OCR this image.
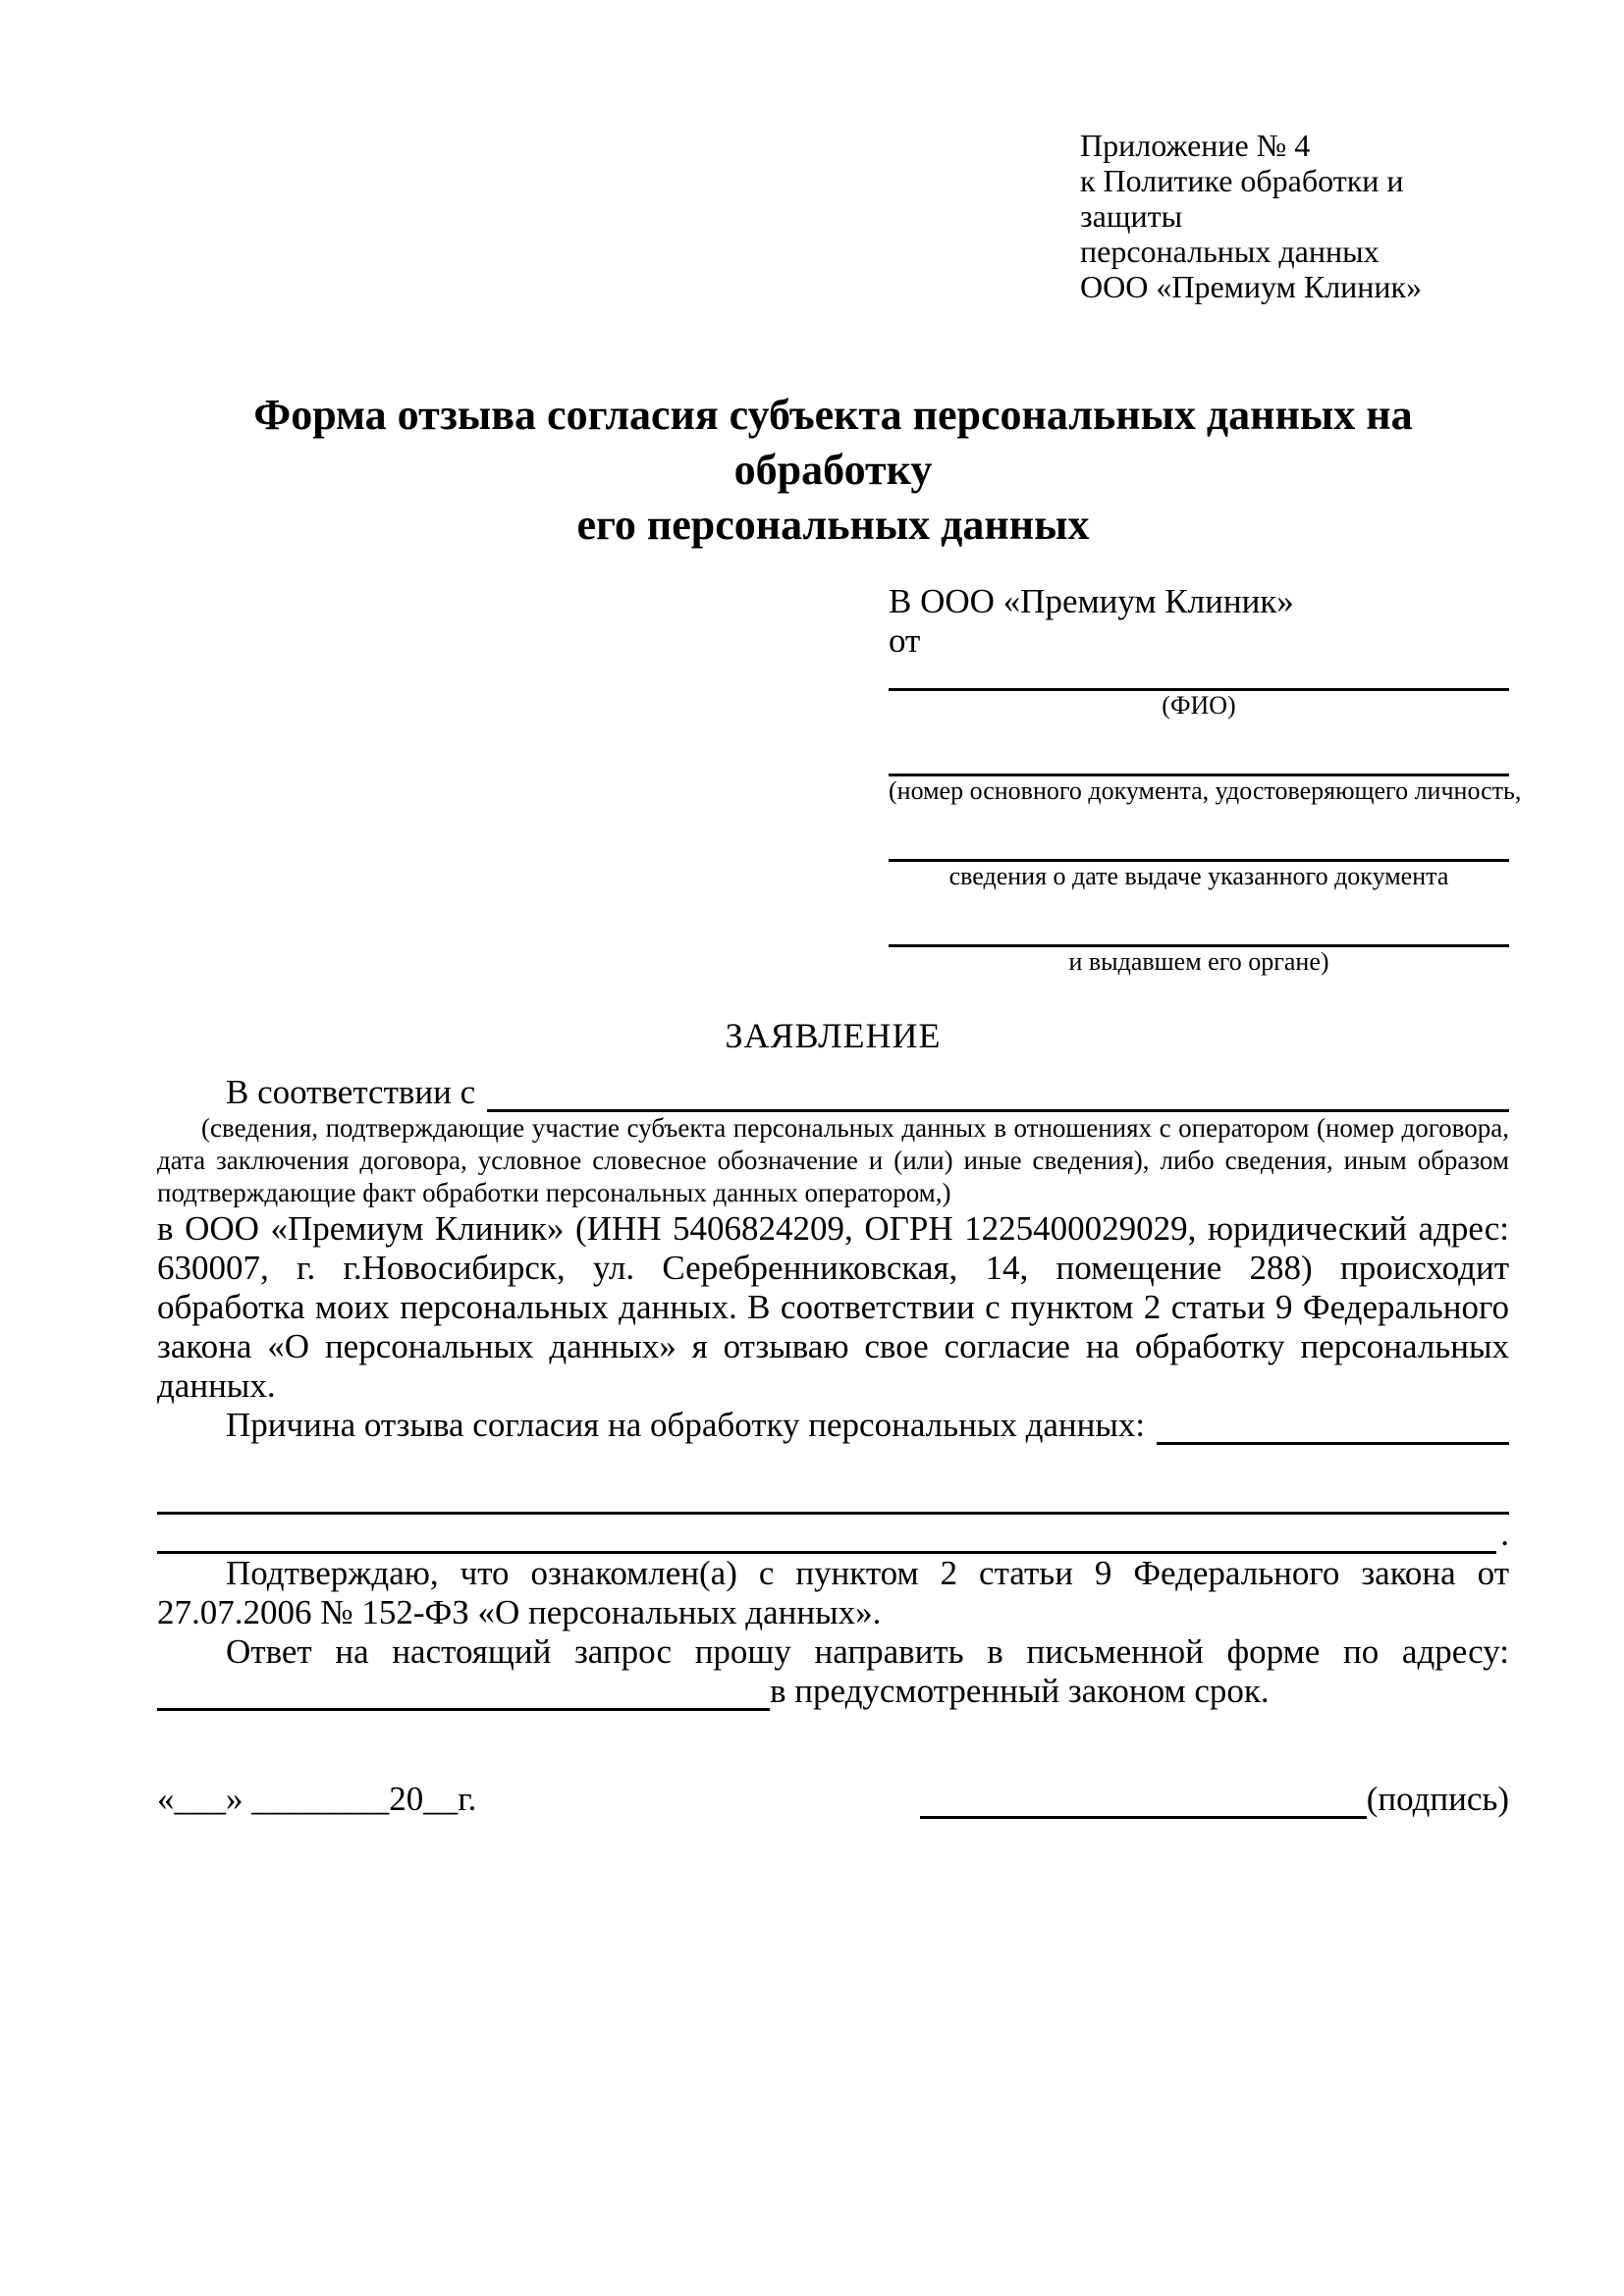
Приложение № 4
к Политике обработки и защиты
персональных данных
ООО «Премиум Клиник»
Форма отзыва согласия субъекта персональных данных на обработку
его персональных данных
В ООО «Премиум Клиник»
от
(ФИО)
(номер основного документа, удостоверяющего личность,
сведения о дате выдаче указанного документа
и выдавшем его органе)
ЗАЯВЛЕНИЕ
В соответствии с
(сведения, подтверждающие участие субъекта персональных данных в отношениях с оператором (номер договора, дата заключения договора, условное словесное обозначение и (или) иные сведения), либо сведения, иным образом подтверждающие факт обработки персональных данных оператором,)
в ООО «Премиум Клиник» (ИНН 5406824209, ОГРН 1225400029029, юридический адрес: 630007, г. г.Новосибирск, ул. Серебренниковская, 14, помещение 288) происходит обработка моих персональных данных. В соответствии с пунктом 2 статьи 9 Федерального закона «О персональных данных» я отзываю свое согласие на обработку персональных данных.
Причина отзыва согласия на обработку персональных данных:
.
Подтверждаю, что ознакомлен(а) с пунктом 2 статьи 9 Федерального закона от 27.07.2006 № 152-ФЗ «О персональных данных».
Ответ на настоящий запрос прошу направить в письменной форме по адресу:
в предусмотренный законом срок.
«___» ________20__г.	(подпись)
